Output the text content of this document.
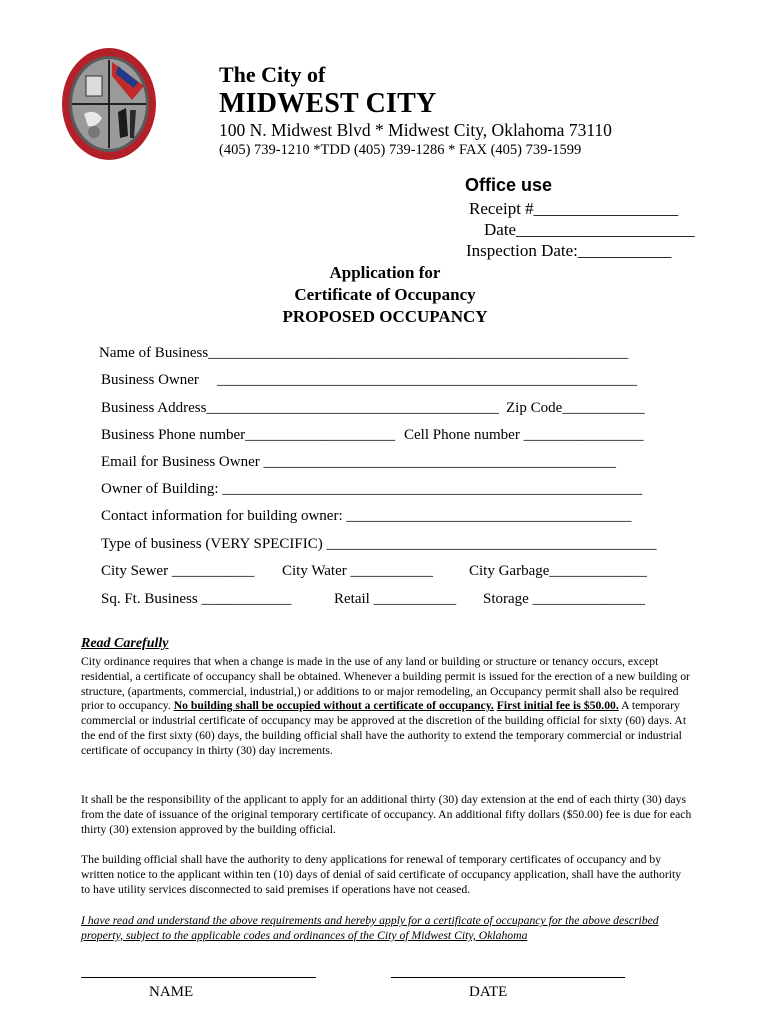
The City of
MIDWEST CITY
100 N. Midwest Blvd * Midwest City, Oklahoma 73110
(405) 739-1210 *TDD (405) 739-1286 * FAX (405) 739-1599
Office use
Receipt #_________________
Date_____________________
Inspection Date:___________
Application for
Certificate of Occupancy
PROPOSED OCCUPANCY
Name of Business________________________________________________________
Business Owner ________________________________________________________
Business Address_______________________________________ Zip Code___________
Business Phone number____________________ Cell Phone number ________________
Email for Business Owner _______________________________________________
Owner of Building: ________________________________________________________
Contact information for building owner: ______________________________________
Type of business (VERY SPECIFIC) ____________________________________________
City Sewer ___________ City Water ___________ City Garbage_____________
Sq. Ft. Business ____________	Retail ___________ Storage _______________
Read Carefully
City ordinance requires that when a change is made in the use of any land or building or structure or tenancy occurs, except residential, a certificate of occupancy shall be obtained. Whenever a building permit is issued for the erection of a new building or structure, (apartments, commercial, industrial,) or additions to or major remodeling, an Occupancy permit shall also be required prior to occupancy. No building shall be occupied without a certificate of occupancy. First initial fee is $50.00. A temporary commercial or industrial certificate of occupancy may be approved at the discretion of the building official for sixty (60) days. At the end of the first sixty (60) days, the building official shall have the authority to extend the temporary commercial or industrial certificate of occupancy in thirty (30) day increments.
It shall be the responsibility of the applicant to apply for an additional thirty (30) day extension at the end of each thirty (30) days from the date of issuance of the original temporary certificate of occupancy. An additional fifty dollars ($50.00) fee is due for each thirty (30) extension approved by the building official.
The building official shall have the authority to deny applications for renewal of temporary certificates of occupancy and by written notice to the applicant within ten (10) days of denial of said certificate of occupancy application, shall have the authority to have utility services disconnected to said premises if operations have not ceased.
I have read and understand the above requirements and hereby apply for a certificate of occupancy for the above described property, subject to the applicable codes and ordinances of the City of Midwest City, Oklahoma
NAME	DATE
